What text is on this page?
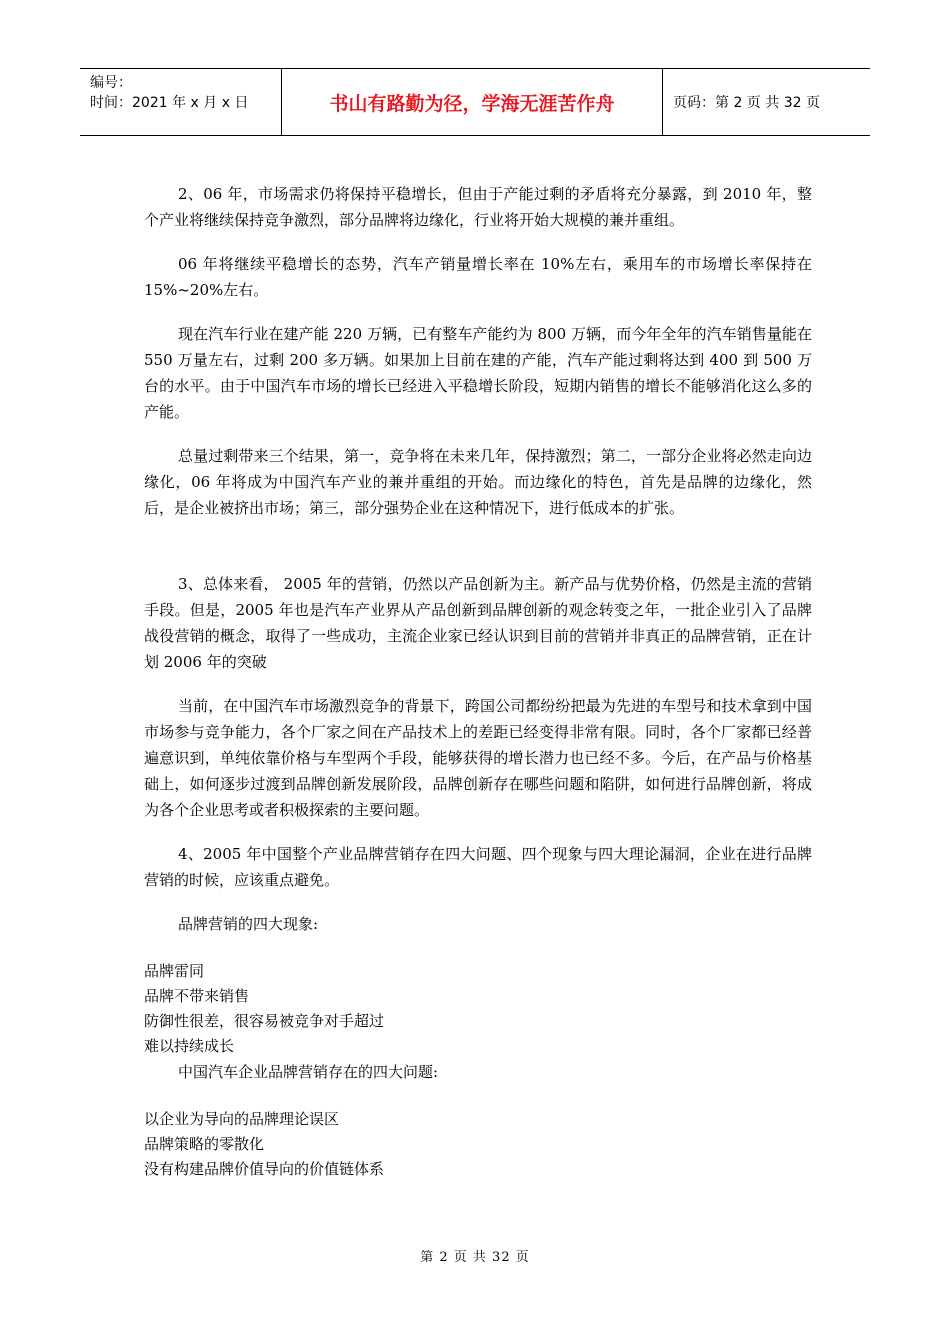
编号：
时间：2021 年 x 月 x 日	书山有路勤为径，学海无涯苦作舟	页码：第 2 页 共 32 页

2、06 年，市场需求仍将保持平稳增长，但由于产能过剩的矛盾将充分暴露，到 2010 年，整个产业将继续保持竞争激烈，部分品牌将边缘化，行业将开始大规模的兼并重组。

06 年将继续平稳增长的态势，汽车产销量增长率在 10%左右，乘用车的市场增长率保持在 15%~20%左右。

现在汽车行业在建产能 220 万辆，已有整车产能约为 800 万辆，而今年全年的汽车销售量能在 550 万量左右，过剩 200 多万辆。如果加上目前在建的产能，汽车产能过剩将达到 400 到 500 万台的水平。由于中国汽车市场的增长已经进入平稳增长阶段，短期内销售的增长不能够消化这么多的产能。

总量过剩带来三个结果，第一，竞争将在未来几年，保持激烈；第二，一部分企业将必然走向边缘化，06 年将成为中国汽车产业的兼并重组的开始。而边缘化的特色，首先是品牌的边缘化，然后，是企业被挤出市场；第三，部分强势企业在这种情况下，进行低成本的扩张。

3、总体来看， 2005 年的营销，仍然以产品创新为主。新产品与优势价格，仍然是主流的营销手段。但是，2005 年也是汽车产业界从产品创新到品牌创新的观念转变之年，一批企业引入了品牌战役营销的概念，取得了一些成功，主流企业家已经认识到目前的营销并非真正的品牌营销，正在计划 2006 年的突破

当前，在中国汽车市场激烈竞争的背景下，跨国公司都纷纷把最为先进的车型号和技术拿到中国市场参与竞争能力，各个厂家之间在产品技术上的差距已经变得非常有限。同时，各个厂家都已经普遍意识到，单纯依靠价格与车型两个手段，能够获得的增长潜力也已经不多。今后，在产品与价格基础上，如何逐步过渡到品牌创新发展阶段，品牌创新存在哪些问题和陷阱，如何进行品牌创新，将成为各个企业思考或者积极探索的主要问题。

4、2005 年中国整个产业品牌营销存在四大问题、四个现象与四大理论漏洞，企业在进行品牌营销的时候，应该重点避免。

品牌营销的四大现象:
品牌雷同
品牌不带来销售
防御性很差，很容易被竞争对手超过
难以持续成长
中国汽车企业品牌营销存在的四大问题:
以企业为导向的品牌理论误区
品牌策略的零散化
没有构建品牌价值导向的价值链体系
第 2 页 共 32 页
